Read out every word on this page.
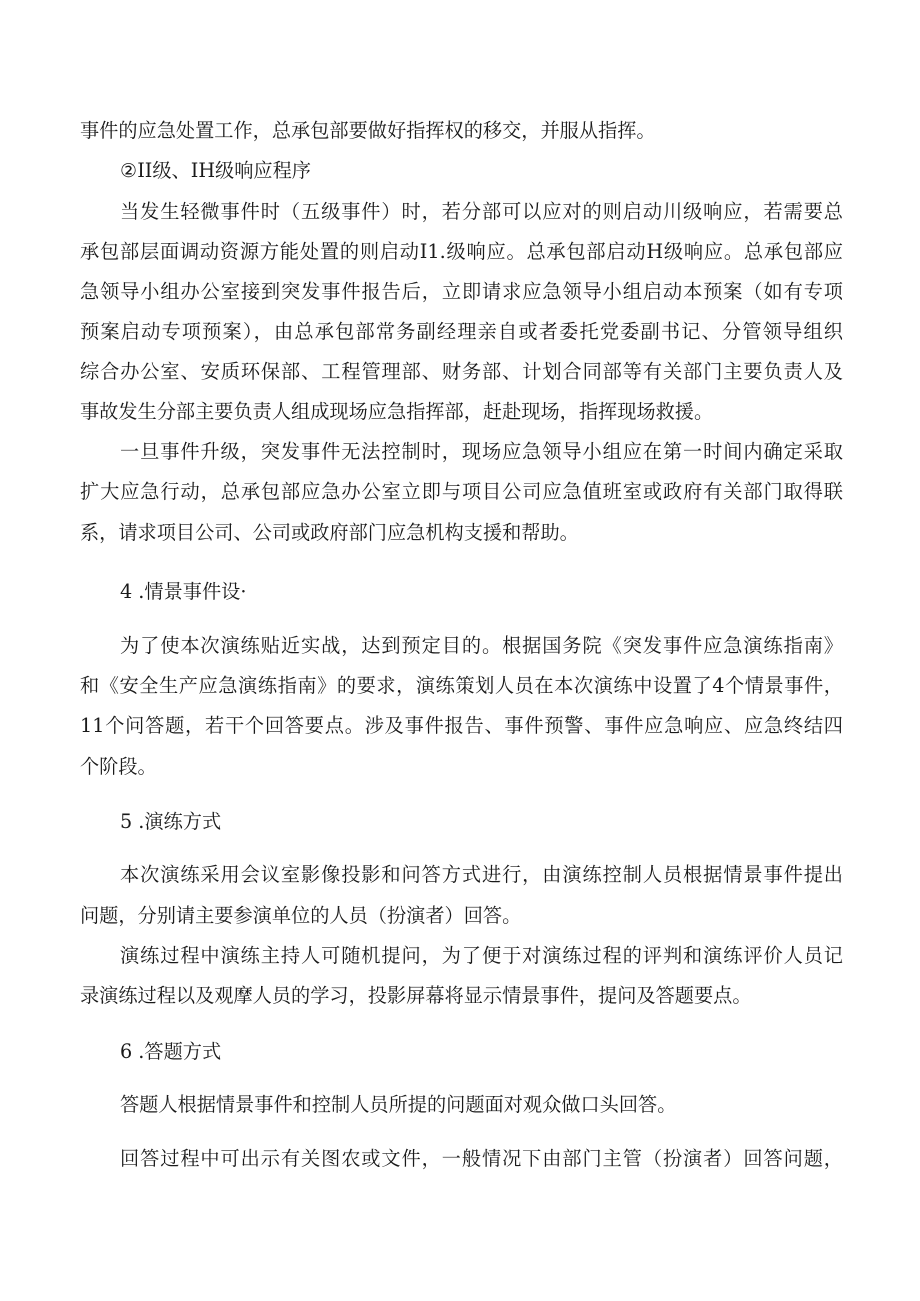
事件的应急处置工作，总承包部要做好指挥权的移交，并服从指挥。
②II级、IH级响应程序
当发生轻微事件时（五级事件）时，若分部可以应对的则启动川级响应，若需要总
承包部层面调动资源方能处置的则启动I1.级响应。总承包部启动H级响应。总承包部应
急领导小组办公室接到突发事件报告后，立即请求应急领导小组启动本预案（如有专项
预案启动专项预案），由总承包部常务副经理亲自或者委托党委副书记、分管领导组织
综合办公室、安质环保部、工程管理部、财务部、计划合同部等有关部门主要负责人及
事故发生分部主要负责人组成现场应急指挥部，赶赴现场，指挥现场救援。
一旦事件升级，突发事件无法控制时，现场应急领导小组应在第一时间内确定采取
扩大应急行动，总承包部应急办公室立即与项目公司应急值班室或政府有关部门取得联
系，请求项目公司、公司或政府部门应急机构支援和帮助。
4 .情景事件设·
为了使本次演练贴近实战，达到预定目的。根据国务院《突发事件应急演练指南》
和《安全生产应急演练指南》的要求，演练策划人员在本次演练中设置了4个情景事件，
11个问答题，若干个回答要点。涉及事件报告、事件预警、事件应急响应、应急终结四
个阶段。
5 .演练方式
本次演练采用会议室影像投影和问答方式进行，由演练控制人员根据情景事件提出
问题，分别请主要参演单位的人员（扮演者）回答。
演练过程中演练主持人可随机提问，为了便于对演练过程的评判和演练评价人员记
录演练过程以及观摩人员的学习，投影屏幕将显示情景事件，提问及答题要点。
6 .答题方式
答题人根据情景事件和控制人员所提的问题面对观众做口头回答。
回答过程中可出示有关图农或文件，一般情况下由部门主管（扮演者）回答问题，
